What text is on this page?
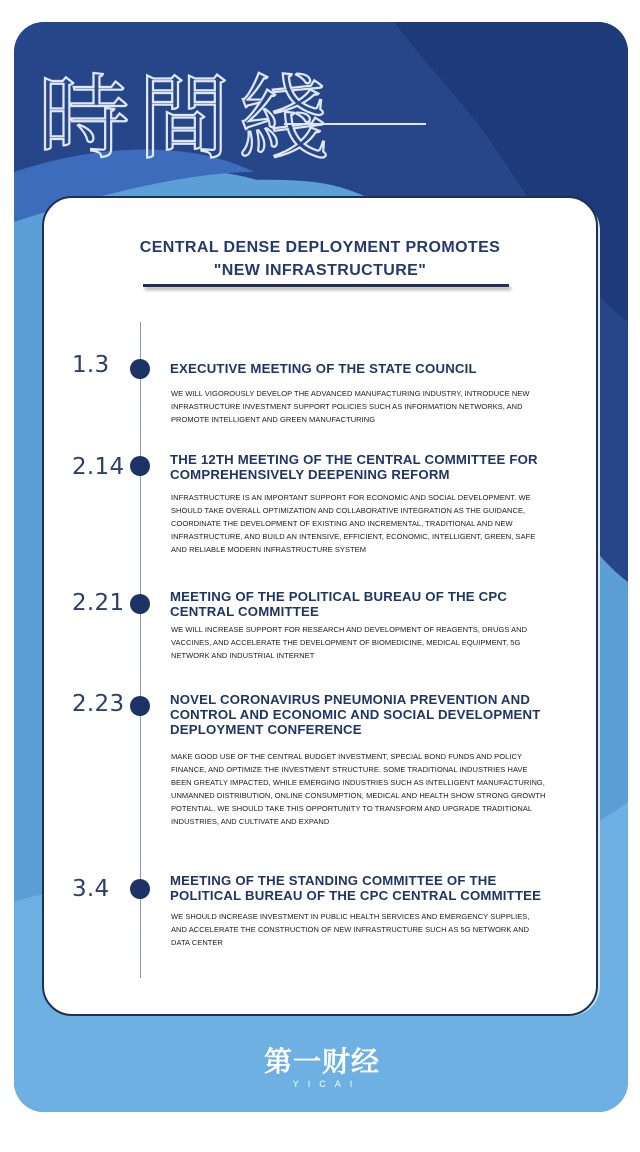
時間綫
CENTRAL DENSE DEPLOYMENT PROMOTES
"NEW INFRASTRUCTURE"
1.3	EXECUTIVE MEETING OF THE STATE COUNCIL
WE WILL VIGOROUSLY DEVELOP THE ADVANCED MANUFACTURING INDUSTRY, INTRODUCE NEW INFRASTRUCTURE INVESTMENT SUPPORT POLICIES SUCH AS INFORMATION NETWORKS, AND PROMOTE INTELLIGENT AND GREEN MANUFACTURING
2.14	THE 12TH MEETING OF THE CENTRAL COMMITTEE FOR COMPREHENSIVELY DEEPENING REFORM
INFRASTRUCTURE IS AN IMPORTANT SUPPORT FOR ECONOMIC AND SOCIAL DEVELOPMENT. WE SHOULD TAKE OVERALL OPTIMIZATION AND COLLABORATIVE INTEGRATION AS THE GUIDANCE, COORDINATE THE DEVELOPMENT OF EXISTING AND INCREMENTAL, TRADITIONAL AND NEW INFRASTRUCTURE, AND BUILD AN INTENSIVE, EFFICIENT, ECONOMIC, INTELLIGENT, GREEN, SAFE AND RELIABLE MODERN INFRASTRUCTURE SYSTEM
2.21	MEETING OF THE POLITICAL BUREAU OF THE CPC CENTRAL COMMITTEE
WE WILL INCREASE SUPPORT FOR RESEARCH AND DEVELOPMENT OF REAGENTS, DRUGS AND VACCINES, AND ACCELERATE THE DEVELOPMENT OF BIOMEDICINE, MEDICAL EQUIPMENT, 5G NETWORK AND INDUSTRIAL INTERNET
2.23	NOVEL CORONAVIRUS PNEUMONIA PREVENTION AND CONTROL AND ECONOMIC AND SOCIAL DEVELOPMENT DEPLOYMENT CONFERENCE
MAKE GOOD USE OF THE CENTRAL BUDGET INVESTMENT, SPECIAL BOND FUNDS AND POLICY FINANCE, AND OPTIMIZE THE INVESTMENT STRUCTURE. SOME TRADITIONAL INDUSTRIES HAVE BEEN GREATLY IMPACTED, WHILE EMERGING INDUSTRIES SUCH AS INTELLIGENT MANUFACTURING, UNMANNED DISTRIBUTION, ONLINE CONSUMPTION, MEDICAL AND HEALTH SHOW STRONG GROWTH POTENTIAL. WE SHOULD TAKE THIS OPPORTUNITY TO TRANSFORM AND UPGRADE TRADITIONAL INDUSTRIES, AND CULTIVATE AND EXPAND
3.4	MEETING OF THE STANDING COMMITTEE OF THE POLITICAL BUREAU OF THE CPC CENTRAL COMMITTEE
WE SHOULD INCREASE INVESTMENT IN PUBLIC HEALTH SERVICES AND EMERGENCY SUPPLIES, AND ACCELERATE THE CONSTRUCTION OF NEW INFRASTRUCTURE SUCH AS 5G NETWORK AND DATA CENTER
第一财经
YICAI
